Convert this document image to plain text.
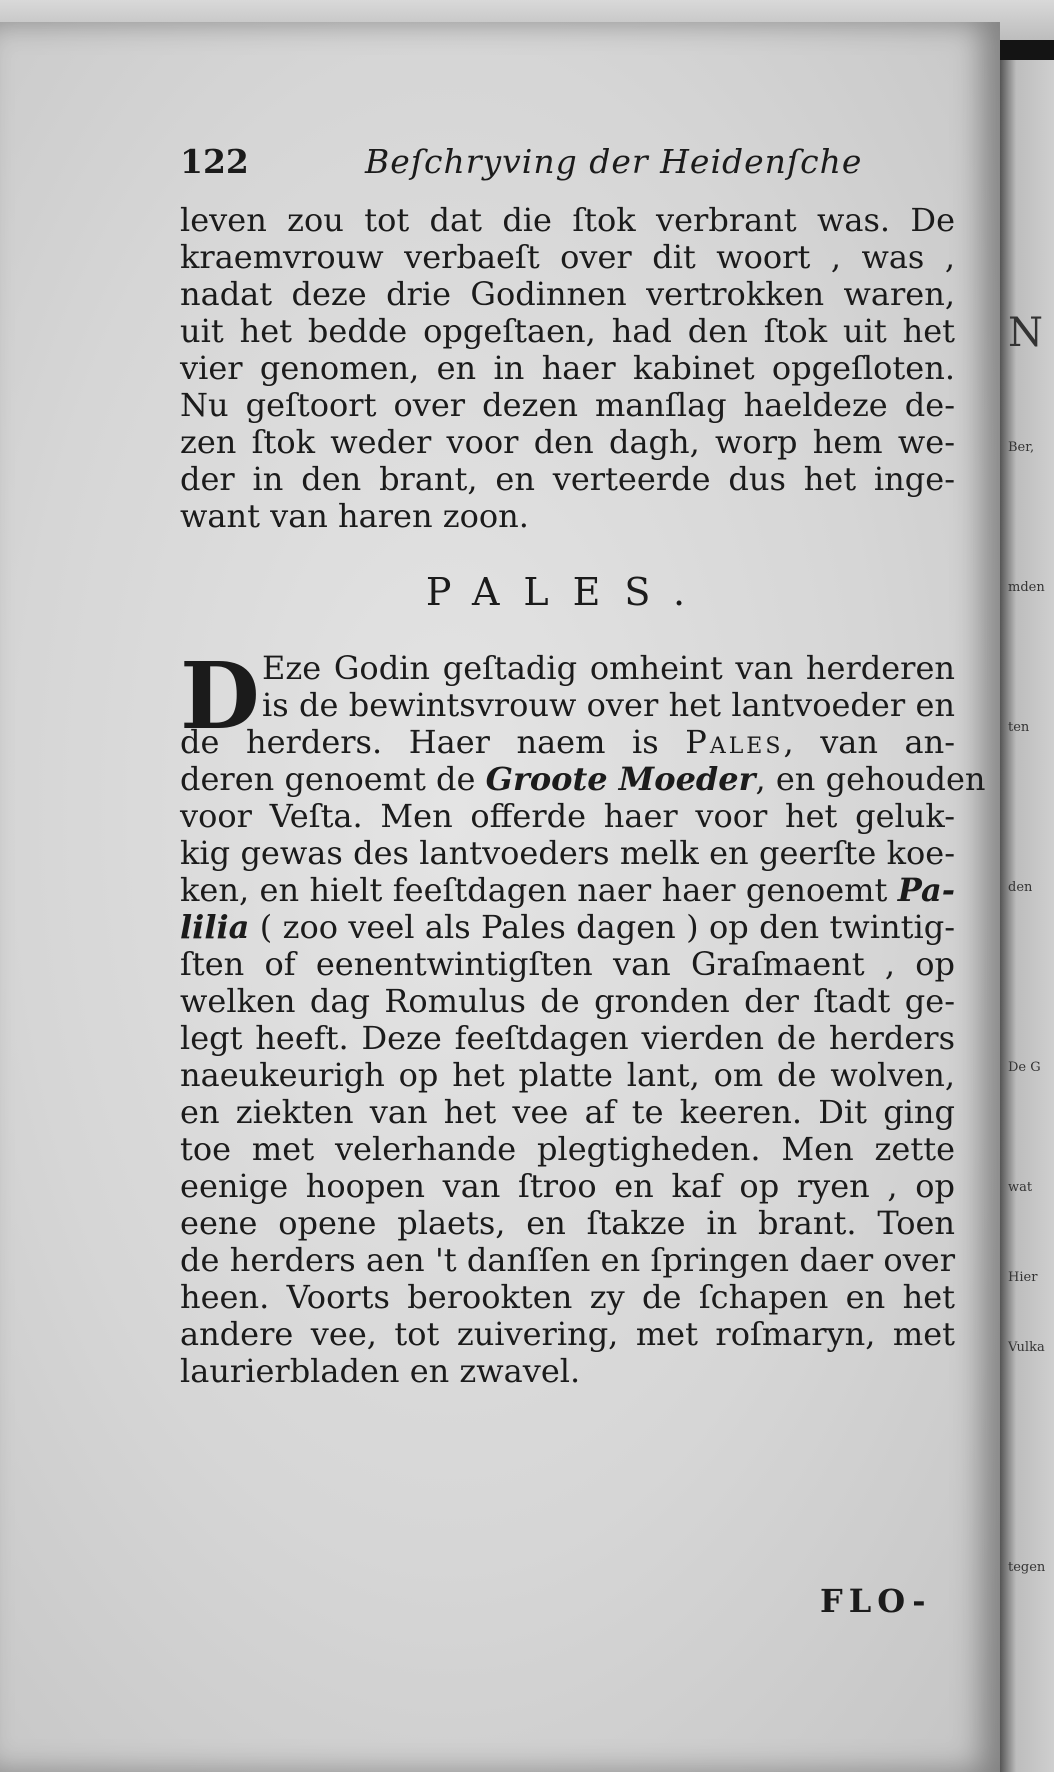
122	Beſchryving der Heidenſche
leven zou tot dat die ſtok verbrant was. De
kraemvrouw verbaeſt over dit woort , was ,
nadat deze drie Godinnen vertrokken waren,
uit het bedde opgeſtaen, had den ſtok uit het
vier genomen, en in haer kabinet opgeſloten.
Nu geſtoort over dezen manſlag haeldeze de-
zen ſtok weder voor den dagh, worp hem we-
der in den brant, en verteerde dus het inge-
want van haren zoon.
PALES.
D Eze Godin geſtadig omheint van herderen
is de bewintsvrouw over het lantvoeder en
de herders. Haer naem is Pales, van an-
deren genoemt de Groote Moeder, en gehouden
voor Veſta. Men offerde haer voor het geluk-
kig gewas des lantvoeders melk en geerſte koe-
ken, en hielt feeſtdagen naer haer genoemt Pa-
lilia ( zoo veel als Pales dagen ) op den twintig-
ſten of eenentwintigſten van Graſmaent , op
welken dag Romulus de gronden der ſtadt ge-
legt heeft. Deze feeſtdagen vierden de herders
naeukeurigh op het platte lant, om de wolven,
en ziekten van het vee af te keeren. Dit ging
toe met velerhande plegtigheden. Men zette
eenige hoopen van ſtroo en kaf op ryen , op
eene opene plaets, en ſtakze in brant. Toen
de herders aen 't danſſen en ſpringen daer over
heen. Voorts berookten zy de ſchapen en het
andere vee, tot zuivering, met roſmaryn, met
laurierbladen en zwavel.
FLO-
N
Ber,
mden
ten
den
De G
wat
Hier
Vulka
tegen
